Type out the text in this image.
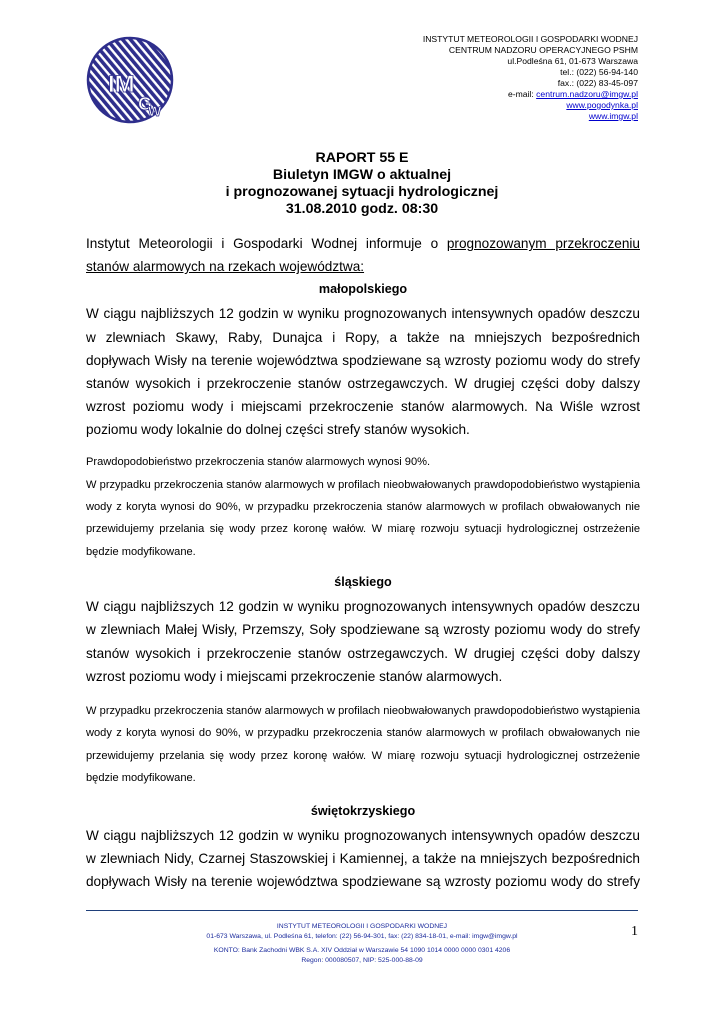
IM
G
W
INSTYTUT METEOROLOGII I GOSPODARKI WODNEJ
CENTRUM NADZORU OPERACYJNEGO PSHM
ul.Podleśna 61, 01-673 Warszawa
tel.: (022) 56-94-140
fax.: (022) 83-45-097
e-mail: centrum.nadzoru@imgw.pl
www.pogodynka.pl
www.imgw.pl
RAPORT 55 E
Biuletyn IMGW o aktualnej
i prognozowanej sytuacji hydrologicznej
31.08.2010 godz. 08:30

Instytut Meteorologii i Gospodarki Wodnej informuje o prognozowanym przekroczeniu stanów alarmowych na rzekach województwa:

małopolskiego

W ciągu najbliższych 12 godzin w wyniku prognozowanych intensywnych opadów deszczu w zlewniach Skawy, Raby, Dunajca i Ropy, a także na mniejszych bezpośrednich dopływach Wisły na terenie województwa spodziewane są wzrosty poziomu wody do strefy stanów wysokich i przekroczenie stanów ostrzegawczych. W drugiej części doby dalszy wzrost poziomu wody i miejscami przekroczenie stanów alarmowych. Na Wiśle wzrost poziomu wody lokalnie do dolnej części strefy stanów wysokich.

Prawdopodobieństwo przekroczenia stanów alarmowych wynosi 90%.

W przypadku przekroczenia stanów alarmowych w profilach nieobwałowanych prawdopodobieństwo wystąpienia wody z koryta wynosi do 90%, w przypadku przekroczenia stanów alarmowych w profilach obwałowanych nie przewidujemy przelania się wody przez koronę wałów. W miarę rozwoju sytuacji hydrologicznej ostrzeżenie będzie modyfikowane.

śląskiego

W ciągu najbliższych 12 godzin w wyniku prognozowanych intensywnych opadów deszczu w zlewniach Małej Wisły, Przemszy, Soły spodziewane są wzrosty poziomu wody do strefy stanów wysokich i przekroczenie stanów ostrzegawczych. W drugiej części doby dalszy wzrost poziomu wody i miejscami przekroczenie stanów alarmowych.

W przypadku przekroczenia stanów alarmowych w profilach nieobwałowanych prawdopodobieństwo wystąpienia wody z koryta wynosi do 90%, w przypadku przekroczenia stanów alarmowych w profilach obwałowanych nie przewidujemy przelania się wody przez koronę wałów. W miarę rozwoju sytuacji hydrologicznej ostrzeżenie będzie modyfikowane.

świętokrzyskiego

W ciągu najbliższych 12 godzin w wyniku prognozowanych intensywnych opadów deszczu w zlewniach Nidy, Czarnej Staszowskiej i Kamiennej, a także na mniejszych bezpośrednich dopływach Wisły na terenie województwa spodziewane są wzrosty poziomu wody do strefy

INSTYTUT METEOROLOGII I GOSPODARKI WODNEJ
01-673 Warszawa, ul. Podleśna 61, telefon: (22) 56-94-301, fax: (22) 834-18-01, e-mail: imgw@imgw.pl
KONTO: Bank Zachodni WBK S.A. XIV Oddział w Warszawie 54 1090 1014 0000 0000 0301 4206
Regon: 000080507, NIP: 525-000-88-09
1
